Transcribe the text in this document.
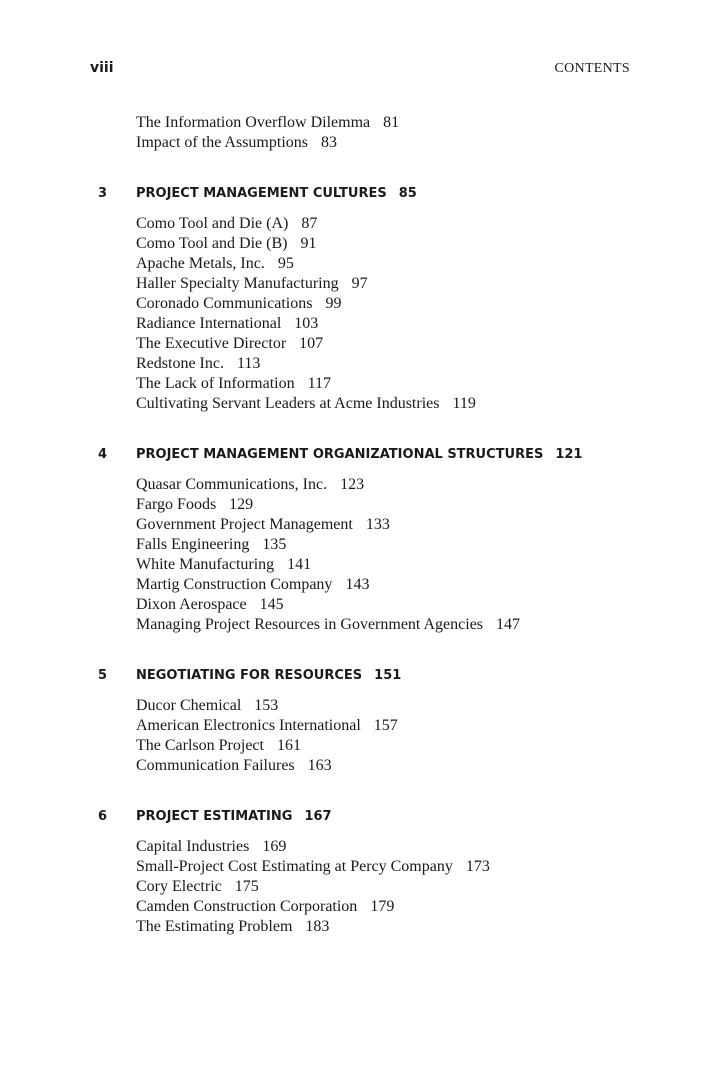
viii	CONTENTS
The Information Overflow Dilemma 81
Impact of the Assumptions 83
3 PROJECT MANAGEMENT CULTURES 85
Como Tool and Die (A) 87
Como Tool and Die (B) 91
Apache Metals, Inc. 95
Haller Specialty Manufacturing 97
Coronado Communications 99
Radiance International 103
The Executive Director 107
Redstone Inc. 113
The Lack of Information 117
Cultivating Servant Leaders at Acme Industries 119
4 PROJECT MANAGEMENT ORGANIZATIONAL STRUCTURES 121
Quasar Communications, Inc. 123
Fargo Foods 129
Government Project Management 133
Falls Engineering 135
White Manufacturing 141
Martig Construction Company 143
Dixon Aerospace 145
Managing Project Resources in Government Agencies 147
5 NEGOTIATING FOR RESOURCES 151
Ducor Chemical 153
American Electronics International 157
The Carlson Project 161
Communication Failures 163
6 PROJECT ESTIMATING 167
Capital Industries 169
Small-Project Cost Estimating at Percy Company 173
Cory Electric 175
Camden Construction Corporation 179
The Estimating Problem 183
